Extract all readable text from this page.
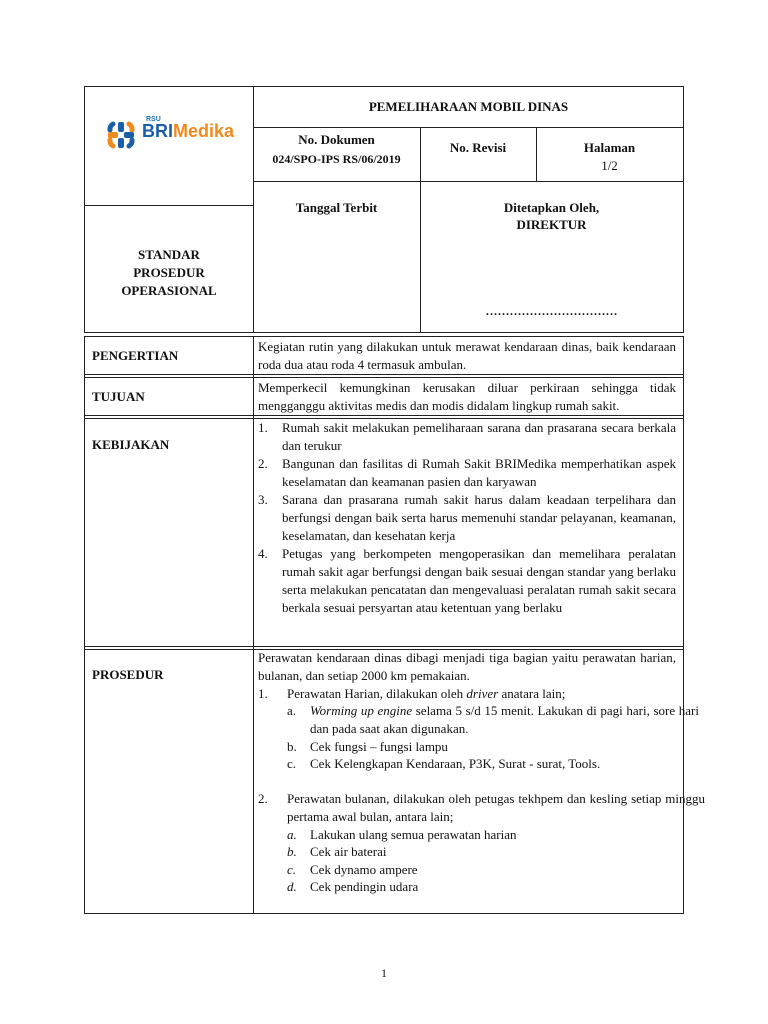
RSU
BRIMedika
PEMELIHARAAN MOBIL DINAS
No. Dokumen
024/SPO-IPS RS/06/2019
No. Revisi	Halaman
1/2
STANDAR PROSEDUR OPERASIONAL
Tanggal Terbit	Ditetapkan Oleh,
DIREKTUR
……………………………
PENGERTIAN
Kegiatan rutin yang dilakukan untuk merawat kendaraan dinas, baik kendaraan roda dua atau roda 4 termasuk ambulan.
TUJUAN
Memperkecil kemungkinan kerusakan diluar perkiraan sehingga tidak mengganggu aktivitas medis dan modis didalam lingkup rumah sakit.
KEBIJAKAN
1. Rumah sakit melakukan pemeliharaan sarana dan prasarana secara berkala dan terukur
2. Bangunan dan fasilitas di Rumah Sakit BRIMedika memperhatikan aspek keselamatan dan keamanan pasien dan karyawan
3. Sarana dan prasarana rumah sakit harus dalam keadaan terpelihara dan berfungsi dengan baik serta harus memenuhi standar pelayanan, keamanan, keselamatan, dan kesehatan kerja
4. Petugas yang berkompeten mengoperasikan dan memelihara peralatan rumah sakit agar berfungsi dengan baik sesuai dengan standar yang berlaku serta melakukan pencatatan dan mengevaluasi peralatan rumah sakit secara berkala sesuai persyartan atau ketentuan yang berlaku
PROSEDUR
Perawatan kendaraan dinas dibagi menjadi tiga bagian yaitu perawatan harian, bulanan, dan setiap 2000 km pemakaian.
1. Perawatan Harian, dilakukan oleh driver anatara lain;
a. Worming up engine selama 5 s/d 15 menit. Lakukan di pagi hari, sore hari dan pada saat akan digunakan.
b. Cek fungsi – fungsi lampu
c. Cek Kelengkapan Kendaraan, P3K, Surat - surat, Tools.
2. Perawatan bulanan, dilakukan oleh petugas tekhpem dan kesling setiap minggu pertama awal bulan, antara lain;
a. Lakukan ulang semua perawatan harian
b. Cek air baterai
c. Cek dynamo ampere
d. Cek pendingin udara
1
